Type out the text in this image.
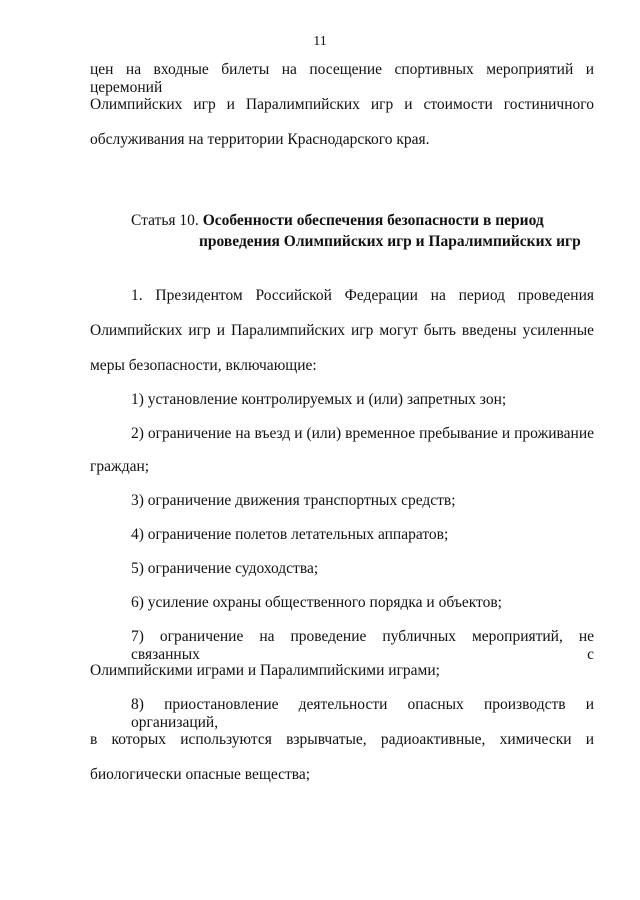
11
цен на входные билеты на посещение спортивных мероприятий и церемоний
Олимпийских игр и Паралимпийских игр и стоимости гостиничного
обслуживания на территории Краснодарского края.
Статья 10. Особенности обеспечения безопасности в период
проведения Олимпийских игр и Паралимпийских игр
1. Президентом Российской Федерации на период проведения
Олимпийских игр и Паралимпийских игр могут быть введены усиленные
меры безопасности, включающие:
1) установление контролируемых и (или) запретных зон;
2) ограничение на въезд и (или) временное пребывание и проживание
граждан;
3) ограничение движения транспортных средств;
4) ограничение полетов летательных аппаратов;
5) ограничение судоходства;
6) усиление охраны общественного порядка и объектов;
7) ограничение на проведение публичных мероприятий, не связанных с
Олимпийскими играми и Паралимпийскими играми;
8) приостановление деятельности опасных производств и организаций,
в которых используются взрывчатые, радиоактивные, химически и
биологически опасные вещества;
